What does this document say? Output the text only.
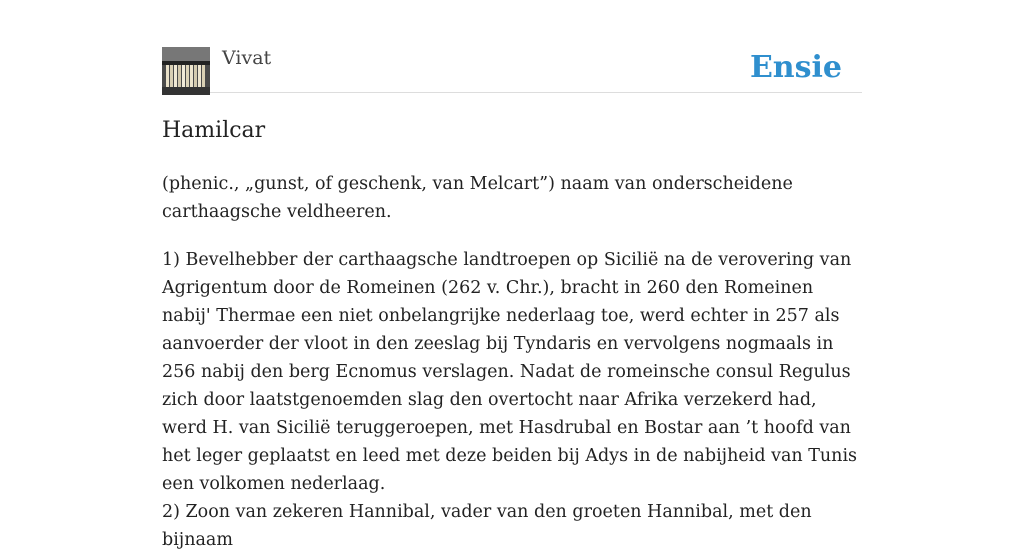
Vivat	Ensie
Hamilcar

(phenic., „gunst, of geschenk, van Melcart”) naam van onderscheidene carthaagsche veldheeren.

1) Bevelhebber der carthaagsche landtroepen op Sicilië na de verovering van Agrigentum door de Romeinen (262 v. Chr.), bracht in 260 den Romeinen nabij' Thermae een niet onbelangrijke nederlaag toe, werd echter in 257 als aanvoerder der vloot in den zeeslag bij Tyndaris en vervolgens nogmaals in 256 nabij den berg Ecnomus verslagen. Nadat de romeinsche consul Regulus zich door laatstgenoemden slag den overtocht naar Afrika verzekerd had, werd H. van Sicilië teruggeroepen, met Hasdrubal en Bostar aan ’t hoofd van het leger geplaatst en leed met deze beiden bij Adys in de nabijheid van Tunis een volkomen nederlaag.

2) Zoon van zekeren Hannibal, vader van den groeten Hannibal, met den bijnaam
